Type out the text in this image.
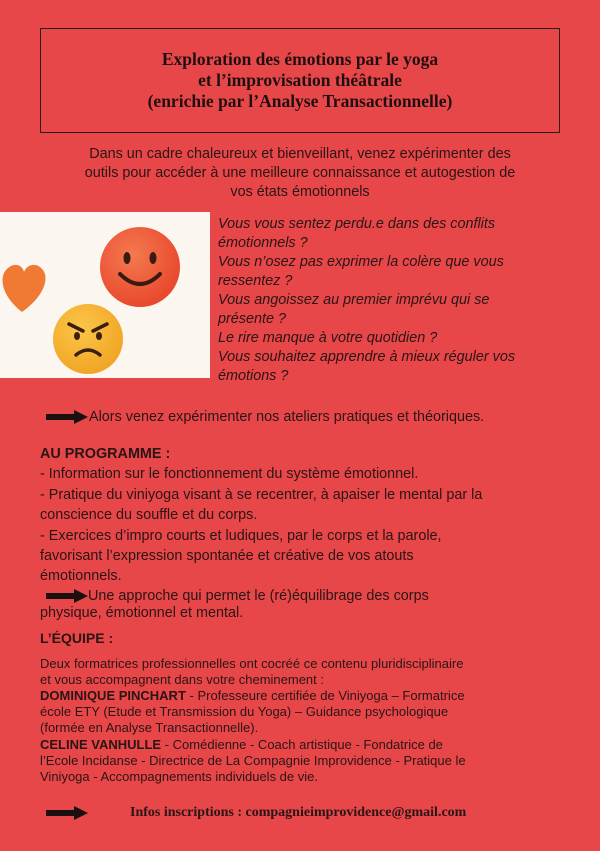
Exploration des émotions par le yoga
et l’improvisation théâtrale
(enrichie par l’Analyse Transactionnelle)
Dans un cadre chaleureux et bienveillant, venez expérimenter des
outils pour accéder à une meilleure connaissance et autogestion de
vos états émotionnels
Vous vous sentez perdu.e dans des conflits
émotionnels ?
Vous n’osez pas exprimer la colère que vous
ressentez ?
Vous angoissez au premier imprévu qui se
présente ?
Le rire manque à votre quotidien ?
Vous souhaitez apprendre à mieux réguler vos
émotions ?
Alors venez expérimenter nos ateliers pratiques et théoriques.
AU PROGRAMME :
- Information sur le fonctionnement du système émotionnel.
- Pratique du viniyoga visant à se recentrer, à apaiser le mental par la
conscience du souffle et du corps.
- Exercices d’impro courts et ludiques, par le corps et la parole,
favorisant l’expression spontanée et créative de vos atouts
émotionnels.
Une approche qui permet le (ré)équilibrage des corps
physique, émotionnel et mental.
L’ÉQUIPE :
Deux formatrices professionnelles ont cocréé ce contenu pluridisciplinaire
et vous accompagnent dans votre cheminement :
DOMINIQUE PINCHART - Professeure certifiée de Viniyoga – Formatrice
école ETY (Etude et Transmission du Yoga) – Guidance psychologique
(formée en Analyse Transactionnelle).
CELINE VANHULLE - Comédienne - Coach artistique - Fondatrice de
l’Ecole Incidanse - Directrice de La Compagnie Improvidence - Pratique le
Viniyoga - Accompagnements individuels de vie.
Infos inscriptions : compagnieimprovidence@gmail.com
